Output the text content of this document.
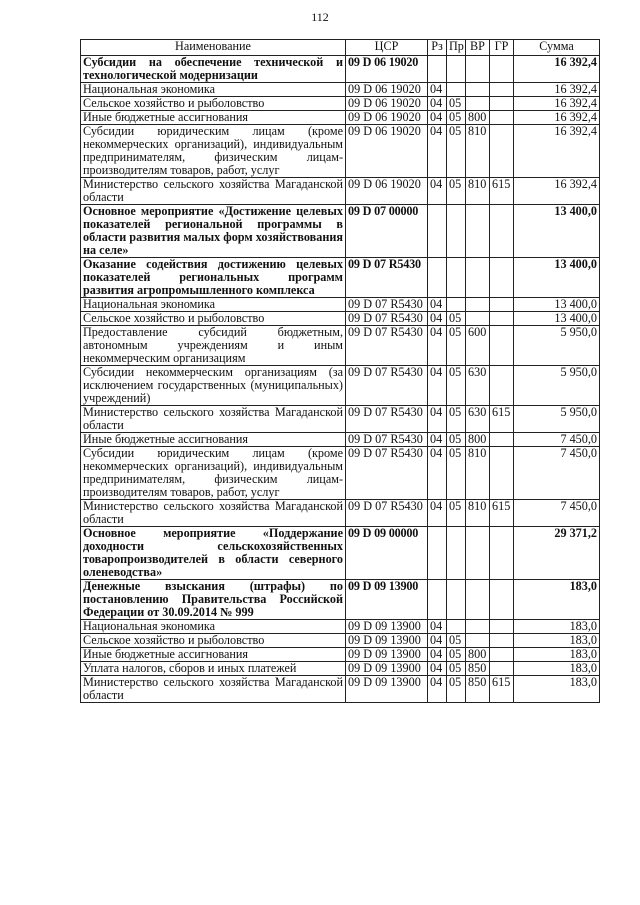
112
Наименование	ЦСР	Рз	Пр	ВР	ГР	Сумма
Субсидии на обеспечение технической и технологической модернизации	09 D 06 19020					16 392,4
Национальная экономика	09 D 06 19020	04				16 392,4
Сельское хозяйство и рыболовство	09 D 06 19020	04	05			16 392,4
Иные бюджетные ассигнования	09 D 06 19020	04	05	800		16 392,4
Субсидии юридическим лицам (кроме некоммерческих организаций), индивидуальным предпринимателям, физическим лицам-производителям товаров, работ, услуг	09 D 06 19020	04	05	810		16 392,4
Министерство сельского хозяйства Магаданской области	09 D 06 19020	04	05	810	615	16 392,4
Основное мероприятие «Достижение целевых показателей региональной программы в области развития малых форм хозяйствования на селе»	09 D 07 00000					13 400,0
Оказание содействия достижению целевых показателей региональных программ развития агропромышленного комплекса	09 D 07 R5430					13 400,0
Национальная экономика	09 D 07 R5430	04				13 400,0
Сельское хозяйство и рыболовство	09 D 07 R5430	04	05			13 400,0
Предоставление субсидий бюджетным, автономным учреждениям и иным некоммерческим организациям	09 D 07 R5430	04	05	600		5 950,0
Субсидии некоммерческим организациям (за исключением государственных (муниципальных) учреждений)	09 D 07 R5430	04	05	630		5 950,0
Министерство сельского хозяйства Магаданской области	09 D 07 R5430	04	05	630	615	5 950,0
Иные бюджетные ассигнования	09 D 07 R5430	04	05	800		7 450,0
Субсидии юридическим лицам (кроме некоммерческих организаций), индивидуальным предпринимателям, физическим лицам-производителям товаров, работ, услуг	09 D 07 R5430	04	05	810		7 450,0
Министерство сельского хозяйства Магаданской области	09 D 07 R5430	04	05	810	615	7 450,0
Основное мероприятие «Поддержание доходности сельскохозяйственных товаропроизводителей в области северного оленеводства»	09 D 09 00000					29 371,2
Денежные взыскания (штрафы) по постановлению Правительства Российской Федерации от 30.09.2014 № 999	09 D 09 13900					183,0
Национальная экономика	09 D 09 13900	04				183,0
Сельское хозяйство и рыболовство	09 D 09 13900	04	05			183,0
Иные бюджетные ассигнования	09 D 09 13900	04	05	800		183,0
Уплата налогов, сборов и иных платежей	09 D 09 13900	04	05	850		183,0
Министерство сельского хозяйства Магаданской области	09 D 09 13900	04	05	850	615	183,0
